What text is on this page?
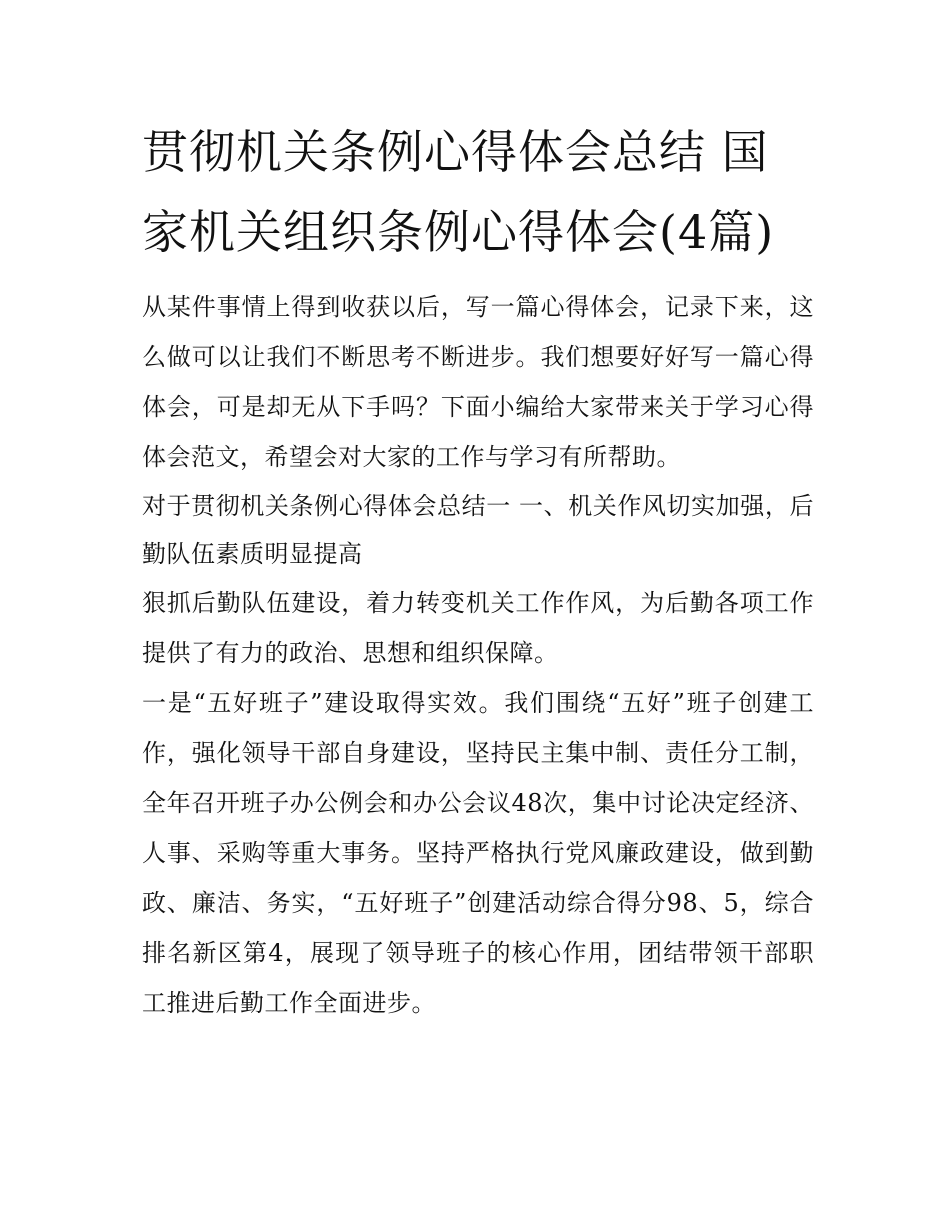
贯彻机关条例心得体会总结 国家机关组织条例心得体会(4篇)

从某件事情上得到收获以后，写一篇心得体会，记录下来，这么做可以让我们不断思考不断进步。我们想要好好写一篇心得体会，可是却无从下手吗？下面小编给大家带来关于学习心得体会范文，希望会对大家的工作与学习有所帮助。

对于贯彻机关条例心得体会总结一 一、机关作风切实加强，后勤队伍素质明显提高

狠抓后勤队伍建设，着力转变机关工作作风，为后勤各项工作提供了有力的政治、思想和组织保障。

一是“五好班子”建设取得实效。我们围绕“五好”班子创建工作，强化领导干部自身建设，坚持民主集中制、责任分工制，全年召开班子办公例会和办公会议48次，集中讨论决定经济、人事、采购等重大事务。坚持严格执行党风廉政建设，做到勤政、廉洁、务实，“五好班子”创建活动综合得分98、5，综合排名新区第4，展现了领导班子的核心作用，团结带领干部职工推进后勤工作全面进步。
